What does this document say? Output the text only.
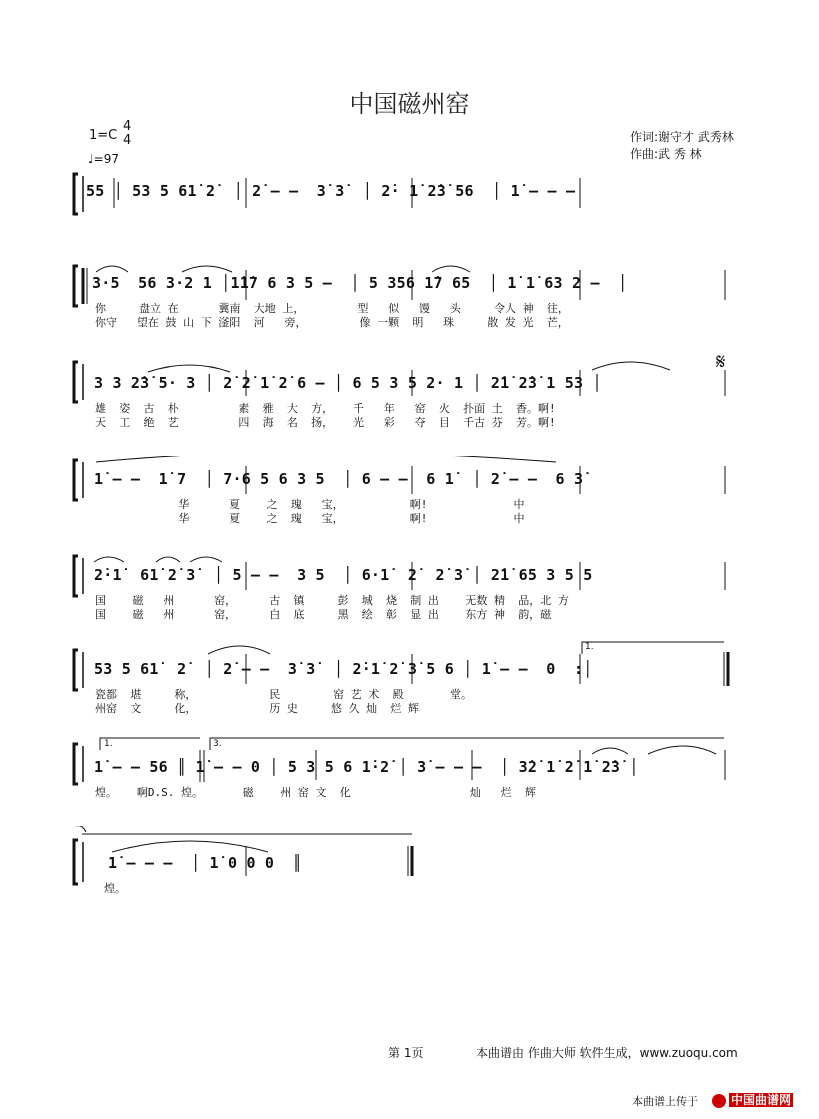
中国磁州窑
1=C
4
4
♩=97
作词:谢守才 武秀林
作曲:武 秀 林
55 │ 53 5 61̇ 2̇  │ 2̇ – –  3̇ 3̇  │ 2̇· 1̇ 2̇3̇ 56  │ 1̇ – – –
3·5  56 3·2 1 │1̇1̇7 6 3 5 –  │ 5 356 1̇7 65  │ 1̇ 1̇ 63 2 –  │
你     盘立 在      冀南  大地 上，        型   似   馒   头     令人 神  往，
你守   望在 鼓 山 下 滏阳  河   旁，        像 一颗  明   珠     散 发 光  芒，
3 3 2̇3̇ 5· 3 │ 2̇ 2̇ 1̇ 2̇ 6 – │ 6 5 3 5 2· 1 │ 2̇1̇ 2̇3̇ 1 53 │
𝄋
雄  姿  古  朴         素  雅  大  方，   千   年   窑  火  扑面 土  香。啊!
天  工  绝  艺         四  海  名  扬，   光   彩   夺  目  千古 芬  芳。啊!
1̇ – –  1̇ 7  │ 7·6 5 6 3 5  │ 6 – –  6 1̇  │ 2̇ – –  6 3̇
华      夏    之  瑰   宝，          啊!             中
华      夏    之  瑰   宝，          啊!             中
2̇·1̇  61̇ 2̇ 3̇  │ 5 – –  3 5  │ 6·1̇  2̇  2̇ 3̇ │ 2̇1̇ 65 3 5 5
国    磁   州      窑，     古  镇     彭  城  烧  制 出    无数 精  品，北 方
国    磁   州      窑，     白  底     黑  绘  彰  显 出    东方 神  韵，磁
1.
53 5 61̇  2̇  │ 2̇ – –  3̇ 3̇  │ 2̇·1̇ 2̇ 3̇ 5 6 │ 1̇ – –  0  :│
瓷都  堪     称，           民        窑 艺 术  殿       堂。
州窑  文     化，           历 史     悠 久 灿  烂 辉
1.	3.
1̇ – – 56 ║ 1̇ – – 0 │ 5 3 5 6 1̇·2̇ │ 3̇ – – –  │ 3̇2̇ 1̇ 2̇ 1̇ 2̇3̇ │
煌。   啊D.S. 煌。      磁    州 窑 文  化                  灿   烂  辉
1̇ – – –  │ 1̇ 0 0 0  ║
煌。
第 1页	本曲谱由 作曲大师 软件生成，www.zuoqu.com
本曲谱上传于	中国曲谱网
